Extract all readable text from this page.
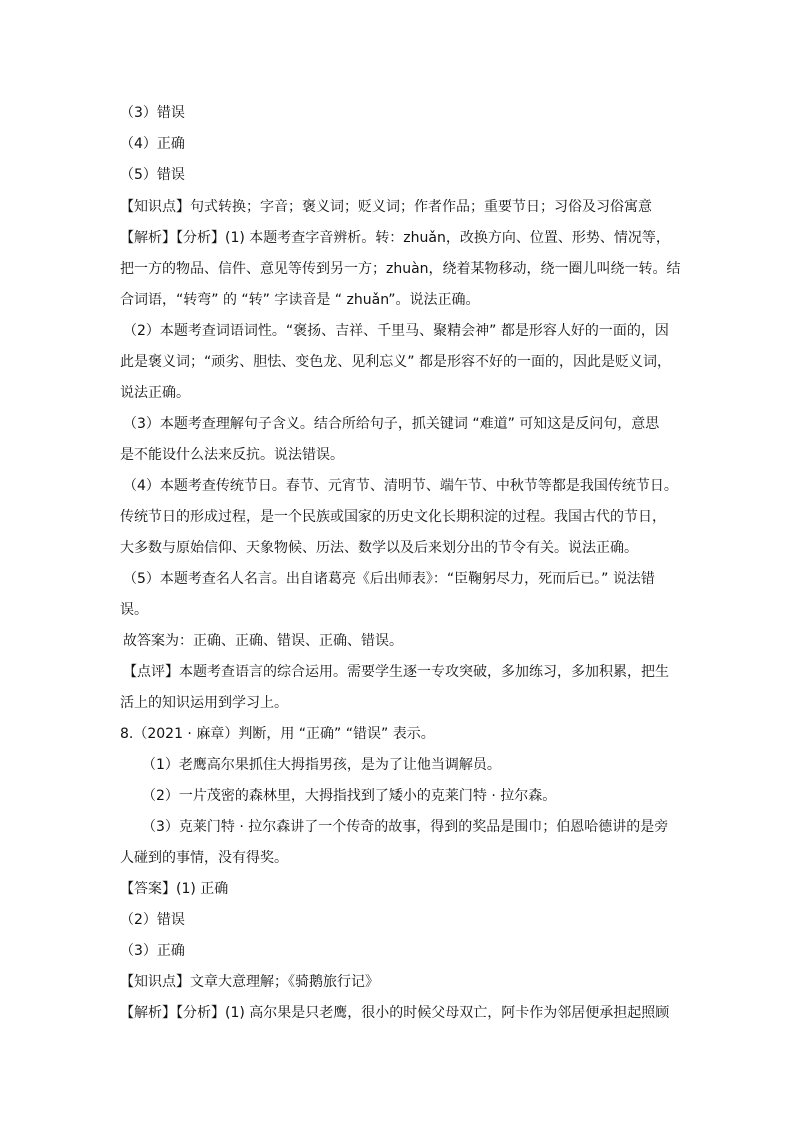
（3）错误
（4）正确
（5）错误
【知识点】句式转换；字音；褒义词；贬义词；作者作品；重要节日；习俗及习俗寓意
【解析】【分析】(1) 本题考查字音辨析。转：zhuǎn，改换方向、位置、形势、情况等，
把一方的物品、信件、意见等传到另一方；zhuàn，绕着某物移动，绕一圈儿叫绕一转。结
合词语，“转弯” 的 “转” 字读音是 “ zhuǎn”。说法正确。
（2）本题考查词语词性。“褒扬、吉祥、千里马、聚精会神” 都是形容人好的一面的，因
此是褒义词；“顽劣、胆怯、变色龙、见利忘义” 都是形容不好的一面的，因此是贬义词，
说法正确。
（3）本题考查理解句子含义。结合所给句子，抓关键词 “难道” 可知这是反问句，意思
是不能设什么法来反抗。说法错误。
（4）本题考查传统节日。春节、元宵节、清明节、端午节、中秋节等都是我国传统节日。
传统节日的形成过程，是一个民族或国家的历史文化长期积淀的过程。我国古代的节日，
大多数与原始信仰、天象物候、历法、数学以及后来划分出的节令有关。说法正确。
（5）本题考查名人名言。出自诸葛亮《后出师表》：“臣鞠躬尽力，死而后已。” 说法错
误。
故答案为：正确、正确、错误、正确、错误。
【点评】本题考查语言的综合运用。需要学生逐一专攻突破，多加练习，多加积累，把生
活上的知识运用到学习上。
8.（2021 · 麻章）判断，用 “正确” “错误” 表示。
（1）老鹰高尔果抓住大拇指男孩，是为了让他当调解员。
（2）一片茂密的森林里，大拇指找到了矮小的克莱门特 · 拉尔森。
（3）克莱门特 · 拉尔森讲了一个传奇的故事，得到的奖品是围巾；伯恩哈德讲的是旁
人碰到的事情，没有得奖。
【答案】(1) 正确
（2）错误
（3）正确
【知识点】文章大意理解；《骑鹅旅行记》
【解析】【分析】(1) 高尔果是只老鹰，很小的时候父母双亡，阿卡作为邻居便承担起照顾
